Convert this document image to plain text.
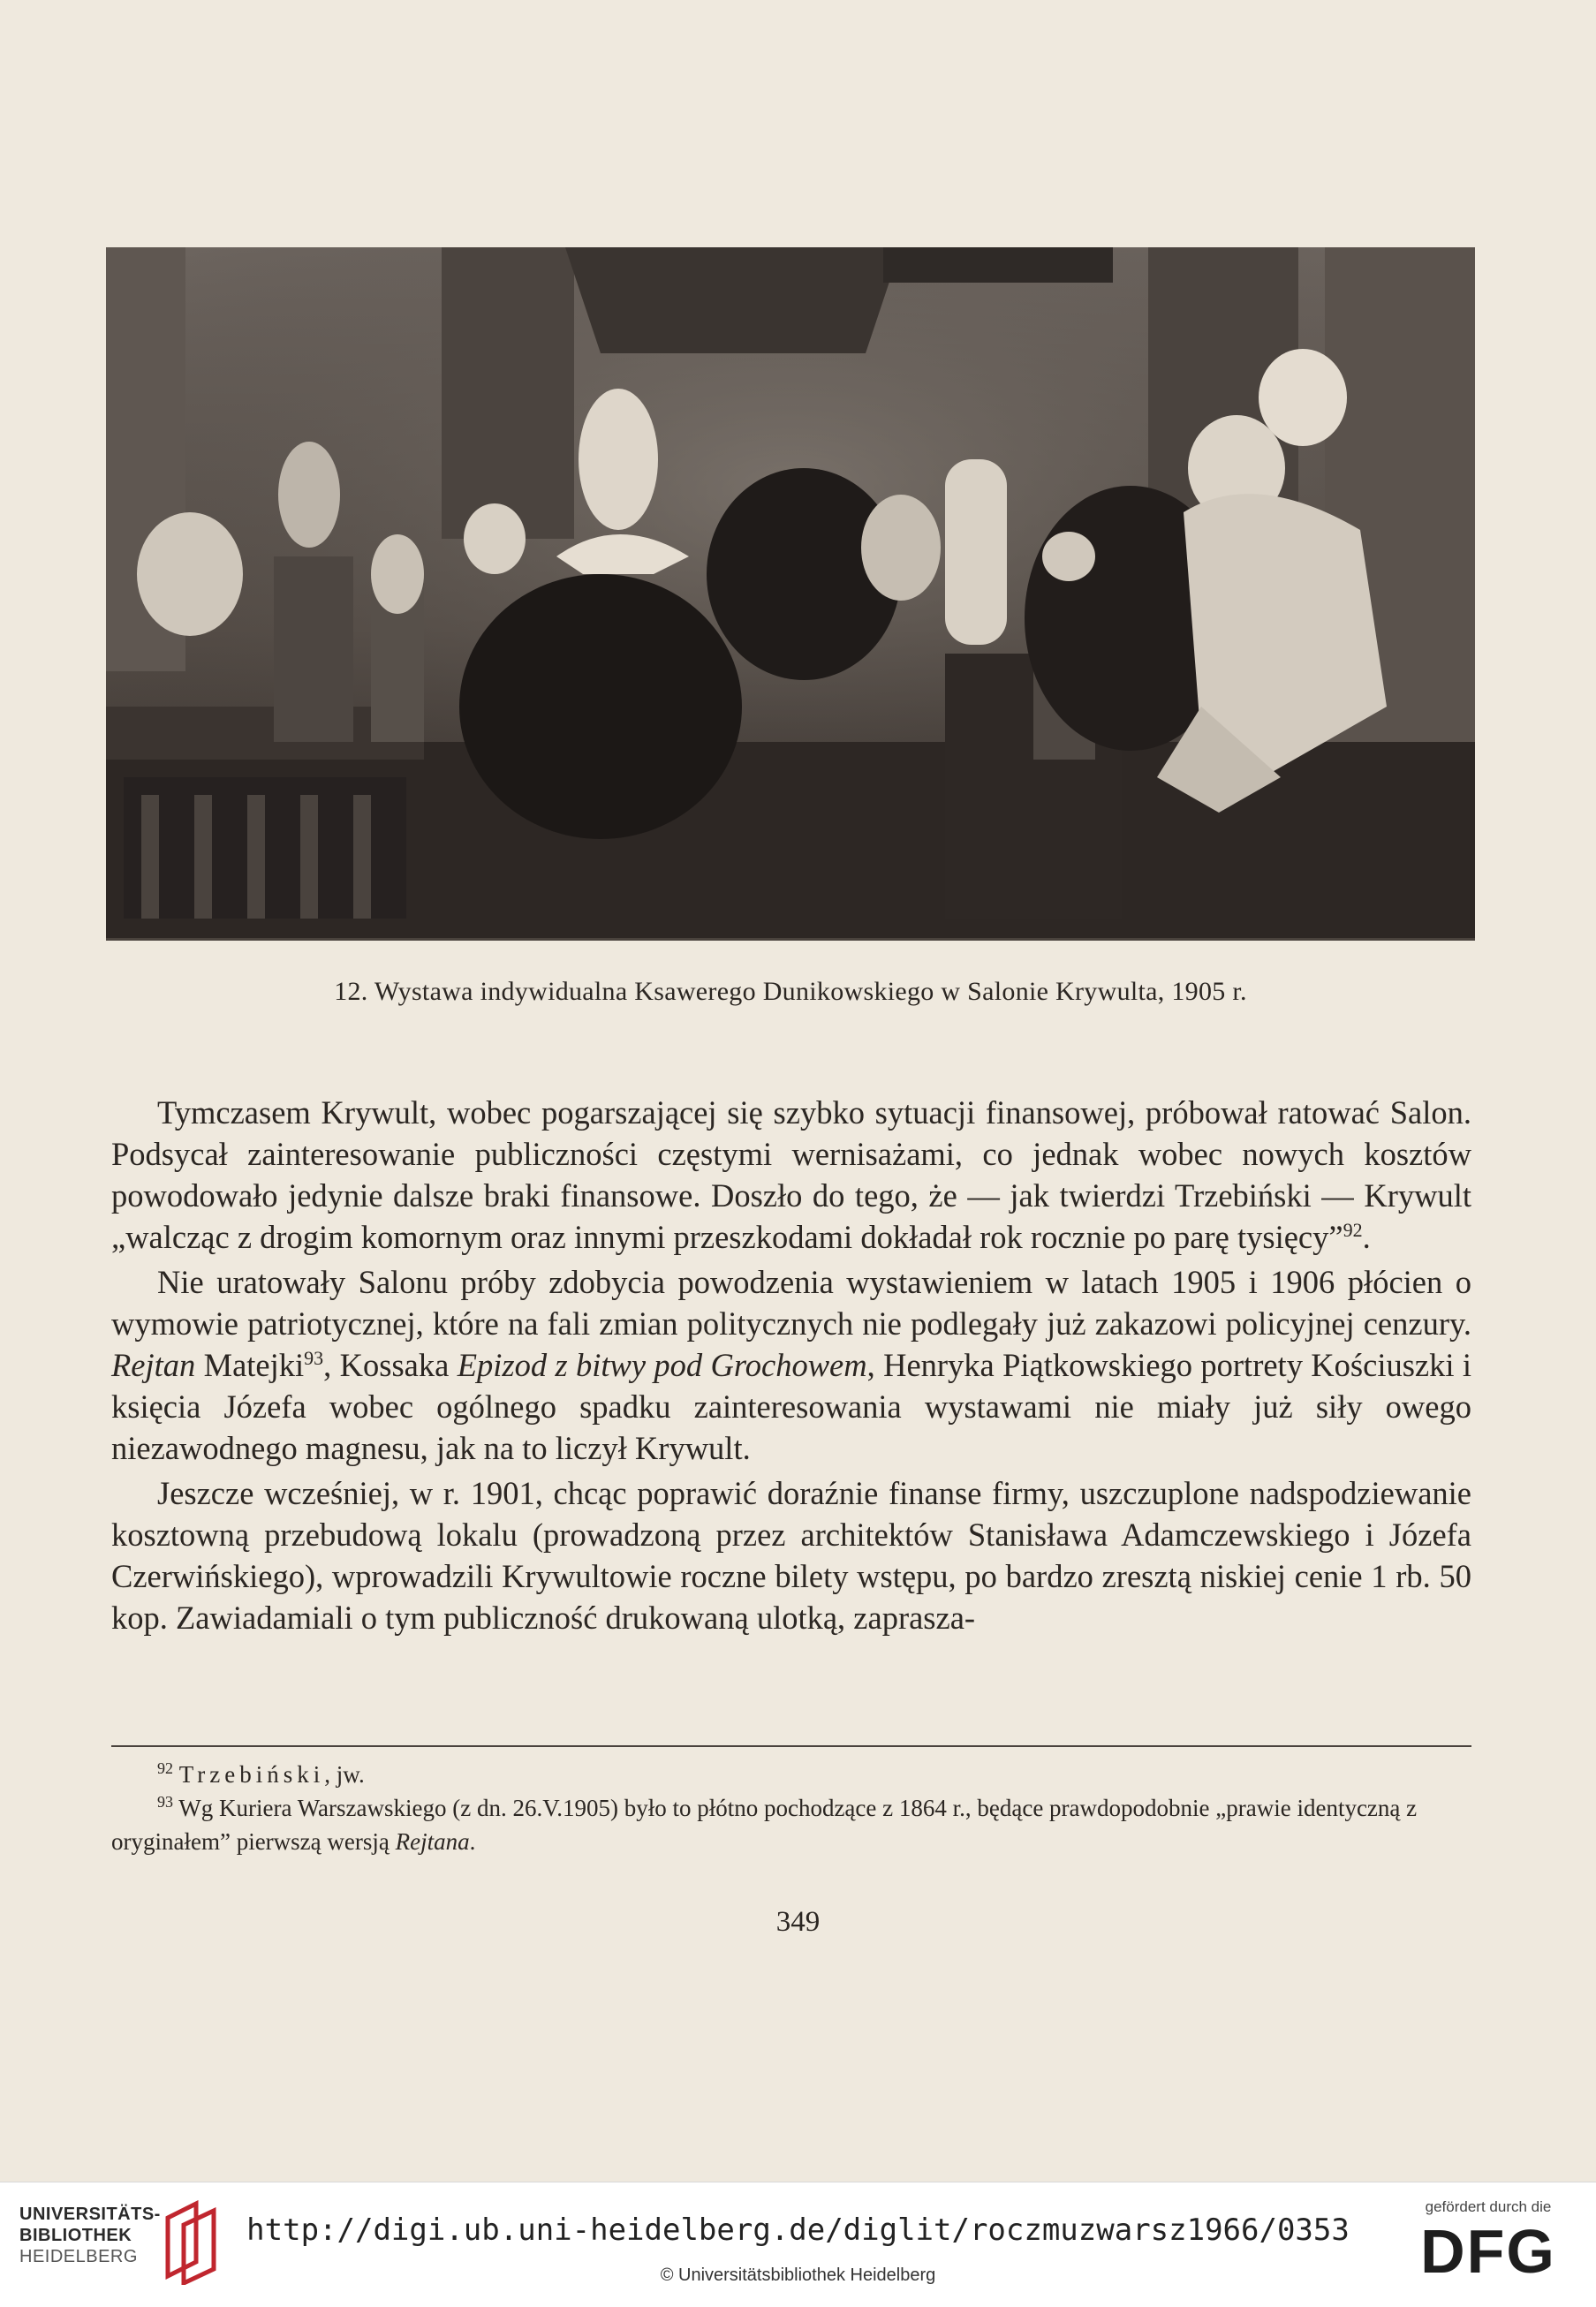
12. Wystawa indywidualna Ksawerego Dunikowskiego w Salonie Krywulta, 1905 r.

Tymczasem Krywult, wobec pogarszającej się szybko sytuacji finansowej, próbował ratować Salon. Podsycał zainteresowanie publiczności częstymi wernisażami, co jednak wobec nowych kosztów powodowało jedynie dalsze braki finansowe. Doszło do tego, że — jak twierdzi Trzebiński — Krywult „walcząc z drogim komornym oraz innymi przeszkodami dokładał rok rocznie po parę tysięcy”$^{92}$.

Nie uratowały Salonu próby zdobycia powodzenia wystawieniem w latach 1905 i 1906 płócien o wymowie patriotycznej, które na fali zmian politycznych nie podlegały już zakazowi policyjnej cenzury. Rejtan Matejki$^{93}$, Kossaka Epizod z bitwy pod Grochowem, Henryka Piątkowskiego portrety Kościuszki i księcia Józefa wobec ogólnego spadku zainteresowania wystawami nie miały już siły owego niezawodnego magnesu, jak na to liczył Krywult.

Jeszcze wcześniej, w r. 1901, chcąc poprawić doraźnie finanse firmy, uszczuplone nadspodziewanie kosztowną przebudową lokalu (prowadzoną przez architektów Stanisława Adamczewskiego i Józefa Czerwińskiego), wprowadzili Krywultowie roczne bilety wstępu, po bardzo zresztą niskiej cenie 1 rb. 50 kop. Zawiadamiali o tym publiczność drukowaną ulotką, zaprasza-

$^{92}$ Trzebiński, jw.

$^{93}$ Wg Kuriera Warszawskiego (z dn. 26.V.1905) było to płótno pochodzące z 1864 r., będące prawdopodobnie „prawie identyczną z oryginałem” pierwszą wersją Rejtana.

349
UNIVERSITÄTS-
BIBLIOTHEK
HEIDELBERG
http://digi.ub.uni-heidelberg.de/diglit/roczmuzwarsz1966/0353
© Universitätsbibliothek Heidelberg
gefördert durch die
DFG
